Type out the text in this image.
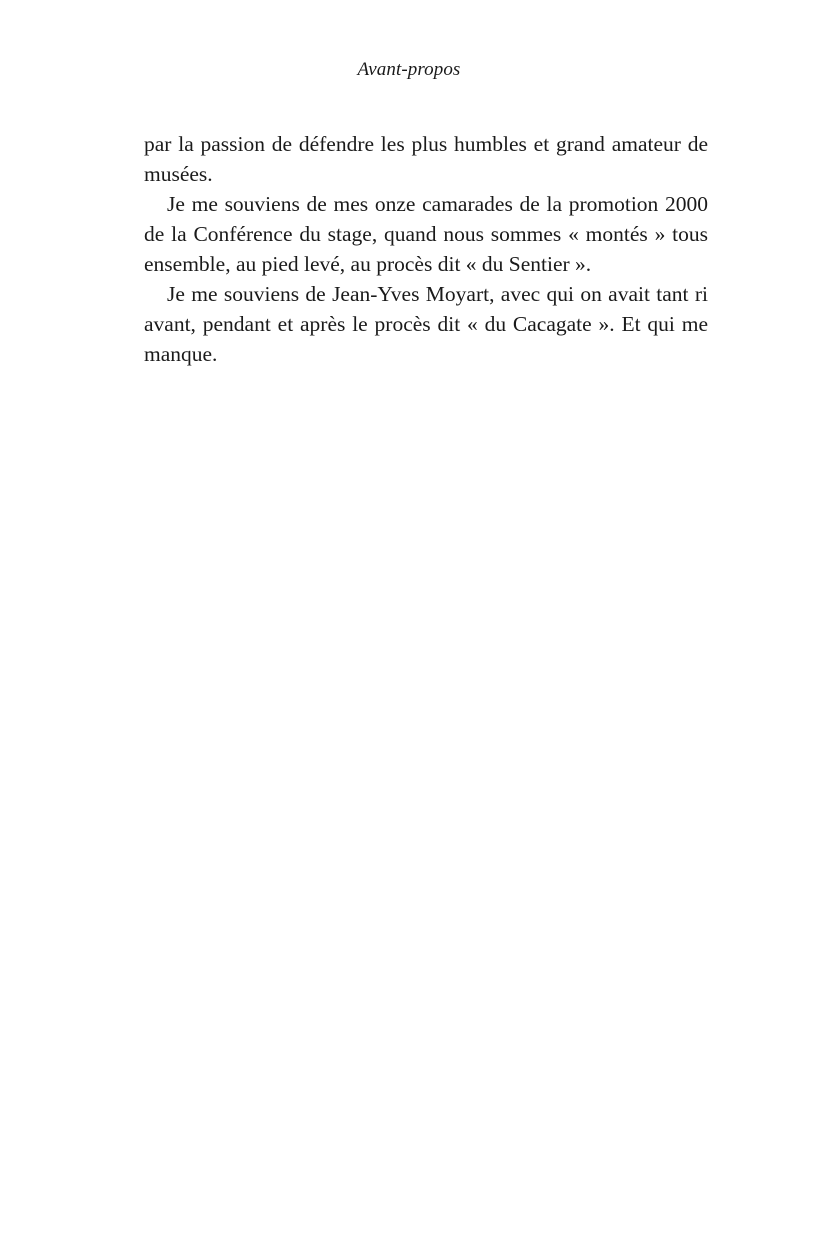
Avant-propos

par la passion de défendre les plus humbles et grand amateur de musées.

Je me souviens de mes onze camarades de la promotion 2000 de la Conférence du stage, quand nous sommes « montés » tous ensemble, au pied levé, au procès dit « du Sentier ».

Je me souviens de Jean-Yves Moyart, avec qui on avait tant ri avant, pendant et après le procès dit « du Cacagate ». Et qui me manque.
